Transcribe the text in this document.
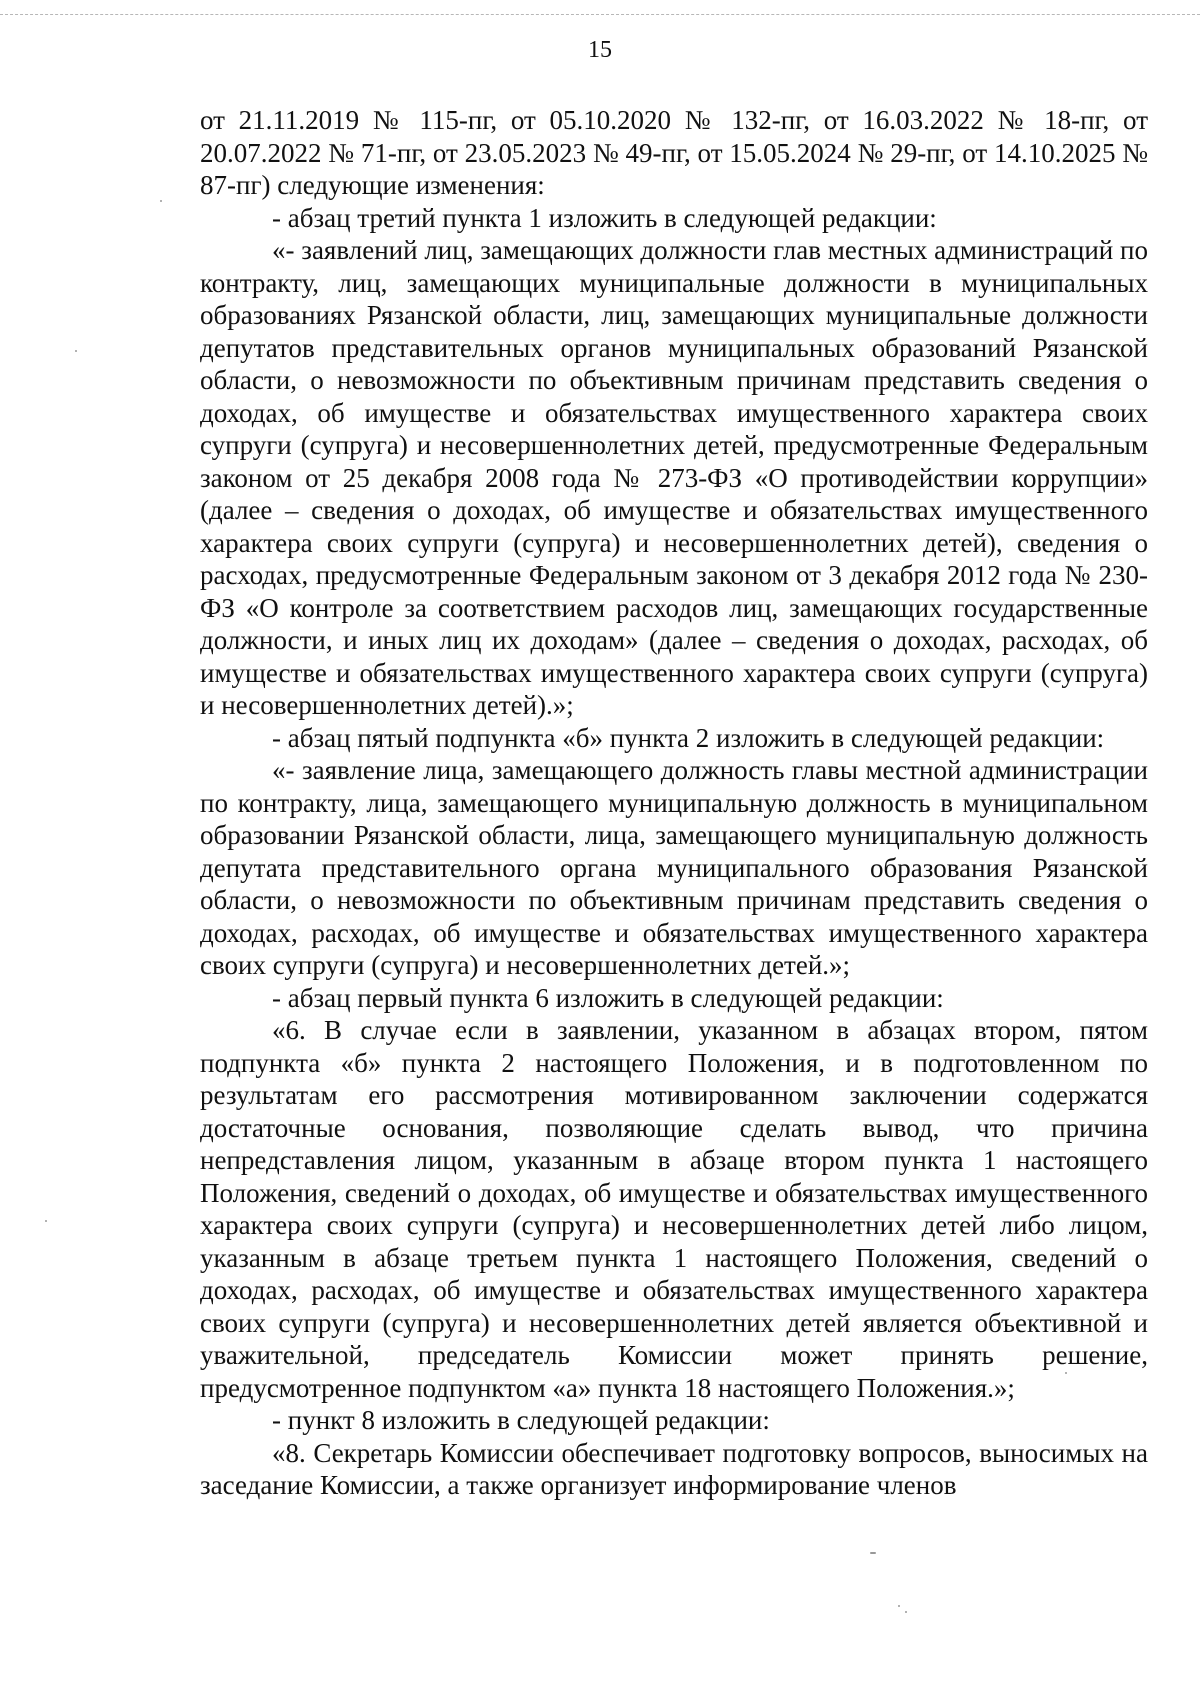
15

от 21.11.2019 № 115-пг, от 05.10.2020 № 132-пг, от 16.03.2022 № 18-пг, от 20.07.2022 № 71-пг, от 23.05.2023 № 49-пг, от 15.05.2024 № 29-пг, от 14.10.2025 № 87-пг) следующие изменения:

- абзац третий пункта 1 изложить в следующей редакции:

«- заявлений лиц, замещающих должности глав местных администраций по контракту, лиц, замещающих муниципальные должности в муниципальных образованиях Рязанской области, лиц, замещающих муниципальные должности депутатов представительных органов муниципальных образований Рязанской области, о невозможности по объективным причинам представить сведения о доходах, об имуществе и обязательствах имущественного характера своих супруги (супруга) и несовершеннолетних детей, предусмотренные Федеральным законом от 25 декабря 2008 года № 273-ФЗ «О противодействии коррупции» (далее – сведения о доходах, об имуществе и обязательствах имущественного характера своих супруги (супруга) и несовершеннолетних детей), сведения о расходах, предусмотренные Федеральным законом от 3 декабря 2012 года № 230-ФЗ «О контроле за соответствием расходов лиц, замещающих государственные должности, и иных лиц их доходам» (далее – сведения о доходах, расходах, об имуществе и обязательствах имущественного характера своих супруги (супруга) и несовершеннолетних детей).»;

- абзац пятый подпункта «б» пункта 2 изложить в следующей редакции:

«- заявление лица, замещающего должность главы местной администрации по контракту, лица, замещающего муниципальную должность в муниципальном образовании Рязанской области, лица, замещающего муниципальную должность депутата представительного органа муниципального образования Рязанской области, о невозможности по объективным причинам представить сведения о доходах, расходах, об имуществе и обязательствах имущественного характера своих супруги (супруга) и несовершеннолетних детей.»;

- абзац первый пункта 6 изложить в следующей редакции:

«6. В случае если в заявлении, указанном в абзацах втором, пятом подпункта «б» пункта 2 настоящего Положения, и в подготовленном по результатам его рассмотрения мотивированном заключении содержатся достаточные основания, позволяющие сделать вывод, что причина непредставления лицом, указанным в абзаце втором пункта 1 настоящего Положения, сведений о доходах, об имуществе и обязательствах имущественного характера своих супруги (супруга) и несовершеннолетних детей либо лицом, указанным в абзаце третьем пункта 1 настоящего Положения, сведений о доходах, расходах, об имуществе и обязательствах имущественного характера своих супруги (супруга) и несовершеннолетних детей является объективной и уважительной, председатель Комиссии может принять решение, предусмотренное подпунктом «а» пункта 18 настоящего Положения.»;

- пункт 8 изложить в следующей редакции:

«8. Секретарь Комиссии обеспечивает подготовку вопросов, выносимых на заседание Комиссии, а также организует информирование членов
